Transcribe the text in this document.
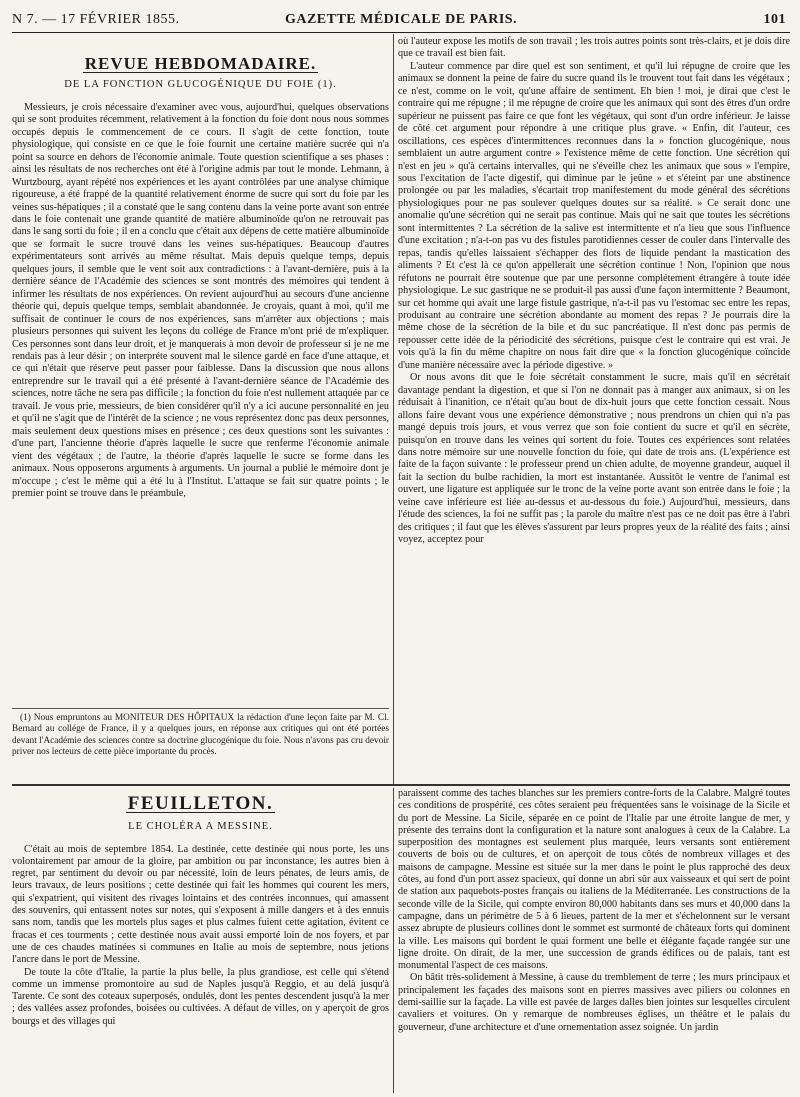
N 7. — 17 FÉVRIER 1855.	GAZETTE MÉDICALE DE PARIS.	101
REVUE HEBDOMADAIRE.
DE LA FONCTION GLUCOGÉNIQUE DU FOIE (1).

Messieurs, je crois nécessaire d'examiner avec vous, aujourd'hui, quelques observations qui se sont produites récemment, relativement à la fonction du foie dont nous nous sommes occupés depuis le commencement de ce cours. Il s'agit de cette fonction, toute physiologique, qui consiste en ce que le foie fournit une certaine matière sucrée qui n'a point sa source en dehors de l'économie animale. Toute question scientifique a ses phases : ainsi les résultats de nos recherches ont été à l'origine admis par tout le monde. Lehmann, à Wurtzbourg, ayant répété nos expériences et les ayant contrôlées par une analyse chimique rigoureuse, a été frappé de la quantité relativement énorme de sucre qui sort du foie par les veines sus-hépatiques ; il a constaté que le sang contenu dans la veine porte avant son entrée dans le foie contenait une grande quantité de matière albuminoïde qu'on ne retrouvait pas dans le sang sorti du foie ; il en a conclu que c'était aux dépens de cette matière albuminoïde que se formait le sucre trouvé dans les veines sus-hépatiques. Beaucoup d'autres expérimentateurs sont arrivés au même résultat. Mais depuis quelque temps, depuis quelques jours, il semble que le vent soit aux contradictions : à l'avant-dernière, puis à la dernière séance de l'Académie des sciences se sont montrés des mémoires qui tendent à infirmer les résultats de nos expériences. On revient aujourd'hui au secours d'une ancienne théorie qui, depuis quelque temps, semblait abandonnée. Je croyais, quant à moi, qu'il me suffisait de continuer le cours de nos expériences, sans m'arrêter aux objections ; mais plusieurs personnes qui suivent les leçons du collége de France m'ont prié de m'expliquer. Ces personnes sont dans leur droit, et je manquerais à mon devoir de professeur si je ne me rendais pas à leur désir ; on interpréte souvent mal le silence gardé en face d'une attaque, et ce qui n'était que réserve peut passer pour faiblesse. Dans la discussion que nous allons entreprendre sur le travail qui a été présenté à l'avant-dernière séance de l'Académie des sciences, notre tâche ne sera pas difficile ; la fonction du foie n'est nullement attaquée par ce travail. Je vous prie, messieurs, de bien considérer qu'il n'y a ici aucune personnalité en jeu et qu'il ne s'agit que de l'intérêt de la science ; ne vous représentez donc pas deux personnes, mais seulement deux questions mises en présence ; ces deux questions sont les suivantes : d'une part, l'ancienne théorie d'après laquelle le sucre que renferme l'économie animale vient des végétaux ; de l'autre, la théorie d'après laquelle le sucre se forme dans les animaux. Nous opposerons arguments à arguments. Un journal a publié le mémoire dont je m'occupe ; c'est le même qui a été lu à l'Institut. L'attaque se fait sur quatre points ; le premier point se trouve dans le préambule,

(1) Nous empruntons au MONITEUR DES HÔPITAUX la rédaction d'une leçon faite par M. Cl. Bernard au collége de France, il y a quelques jours, en réponse aux critiques qui ont été portées devant l'Académie des sciences contre sa doctrine glucogénique du foie. Nous n'avons pas cru devoir priver nos lecteurs de cette pièce importante du procès.

où l'auteur expose les motifs de son travail ; les trois autres points sont très-clairs, et je dois dire que ce travail est bien fait.

L'auteur commence par dire quel est son sentiment, et qu'il lui répugne de croire que les animaux se donnent la peine de faire du sucre quand ils le trouvent tout fait dans les végétaux ; ce n'est, comme on le voit, qu'une affaire de sentiment. Eh bien ! moi, je dirai que c'est le contraire qui me répugne ; il me répugne de croire que les animaux qui sont des êtres d'un ordre supérieur ne puissent pas faire ce que font les végétaux, qui sont d'un ordre inférieur. Je laisse de côté cet argument pour répondre à une critique plus grave. « Enfin, dit l'auteur, ces oscillations, ces espèces d'intermittences reconnues dans la » fonction glucogénique, nous semblaient un autre argument contre » l'existence même de cette fonction. Une sécrétion qui n'est en jeu » qu'à certains intervalles, qui ne s'éveille chez les animaux que sous » l'empire, sous l'excitation de l'acte digestif, qui diminue par le jeûne » et s'éteint par une abstinence prolongée ou par les maladies, s'écartait trop manifestement du mode général des sécrétions physiologiques pour ne pas soulever quelques doutes sur sa réalité. » Ce serait donc une anomalie qu'une sécrétion qui ne serait pas continue. Mais qui ne sait que toutes les sécrétions sont intermittentes ? La sécrétion de la salive est intermittente et n'a lieu que sous l'influence d'une excitation ; n'a-t-on pas vu des fistules parotidiennes cesser de couler dans l'intervalle des repas, tandis qu'elles laissaient s'échapper des flots de liquide pendant la mastication des aliments ? Et c'est là ce qu'on appellerait une sécrétion continue ! Non, l'opinion que nous réfutons ne pourrait être soutenue que par une personne complétement étrangère à toute idée physiologique. Le suc gastrique ne se produit-il pas aussi d'une façon intermittente ? Beaumont, sur cet homme qui avait une large fistule gastrique, n'a-t-il pas vu l'estomac sec entre les repas, produisant au contraire une sécrétion abondante au moment des repas ? Je pourrais dire la même chose de la sécrétion de la bile et du suc pancréatique. Il n'est donc pas permis de repousser cette idée de la périodicité des sécrétions, puisque c'est le contraire qui est vrai. Je vois qu'à la fin du même chapitre on nous fait dire que « la fonction glucogénique coïncide d'une manière nécessaire avec la période digestive. »

Or nous avons dit que le foie sécrétait constamment le sucre, mais qu'il en sécrétait davantage pendant la digestion, et que si l'on ne donnait pas à manger aux animaux, si on les réduisait à l'inanition, ce n'était qu'au bout de dix-huit jours que cette fonction cessait. Nous allons faire devant vous une expérience démonstrative ; nous prendrons un chien qui n'a pas mangé depuis trois jours, et vous verrez que son foie contient du sucre et qu'il en sécrète, puisqu'on en trouve dans les veines qui sortent du foie. Toutes ces expériences sont relatées dans notre mémoire sur une nouvelle fonction du foie, qui date de trois ans. (L'expérience est faite de la façon suivante : le professeur prend un chien adulte, de moyenne grandeur, auquel il fait la section du bulbe rachidien, la mort est instantanée. Aussitôt le ventre de l'animal est ouvert, une ligature est appliquée sur le tronc de la veine porte avant son entrée dans le foie ; la veine cave inférieure est liée au-dessus et au-dessous du foie.) Aujourd'hui, messieurs, dans l'étude des sciences, la foi ne suffit pas ; la parole du maître n'est pas ce ne doit pas être à l'abri des critiques ; il faut que les élèves s'assurent par leurs propres yeux de la réalité des faits ; ainsi voyez, acceptez pour

FEUILLETON.
LE CHOLÉRA A MESSINE.

C'était au mois de septembre 1854. La destinée, cette destinée qui nous porte, les uns volontairement par amour de la gloire, par ambition ou par inconstance, les autres bien à regret, par sentiment du devoir ou par nécessité, loin de leurs pénates, de leurs amis, de leurs travaux, de leurs positions ; cette destinée qui fait les hommes qui courent les mers, qui s'expatrient, qui visitent des rivages lointains et des contrées inconnues, qui amassent des souvenirs, qui entassent notes sur notes, qui s'exposent à mille dangers et à des ennuis sans nom, tandis que les mortels plus sages et plus calmes fuient cette agitation, évitent ce fracas et ces tourments ; cette destinée nous avait aussi emporté loin de nos foyers, et par une de ces chaudes matinées si communes en Italie au mois de septembre, nous jetions l'ancre dans le port de Messine.

De toute la côte d'Italie, la partie la plus belle, la plus grandiose, est celle qui s'étend comme un immense promontoire au sud de Naples jusqu'à Reggio, et au delà jusqu'à Tarente. Ce sont des coteaux superposés, ondulés, dont les pentes descendent jusqu'à la mer ; des vallées assez profondes, boisées ou cultivées. A défaut de villes, on y aperçoit de gros bourgs et des villages qui

paraissent comme des taches blanches sur les premiers contre-forts de la Calabre. Malgré toutes ces conditions de prospérité, ces côtes seraient peu fréquentées sans le voisinage de la Sicile et du port de Messine. La Sicile, séparée en ce point de l'Italie par une étroite langue de mer, y présente des terrains dont la configuration et la nature sont analogues à ceux de la Calabre. La superposition des montagnes est seulement plus marquée, leurs versants sont entièrement couverts de bois ou de cultures, et on aperçoit de tous côtés de nombreux villages et des maisons de campagne. Messine est située sur la mer dans le point le plus rapproché des deux côtes, au fond d'un port assez spacieux, qui donne un abri sûr aux vaisseaux et qui sert de point de station aux paquebots-postes français ou italiens de la Méditerranée. Les constructions de la seconde ville de la Sicile, qui compte environ 80,000 habitants dans ses murs et 40,000 dans la campagne, dans un périmètre de 5 à 6 lieues, partent de la mer et s'échelonnent sur le versant assez abrupte de plusieurs collines dont le sommet est surmonté de châteaux forts qui dominent la ville. Les maisons qui bordent le quai forment une belle et élégante façade rangée sur une ligne droite. On dirait, de la mer, une succession de grands édifices ou de palais, tant est monumental l'aspect de ces maisons.

On bâtit très-solidement à Messine, à cause du tremblement de terre ; les murs principaux et principalement les façades des maisons sont en pierres massives avec piliers ou colonnes en demi-saillie sur la façade. La ville est pavée de larges dalles bien jointes sur lesquelles circulent cavaliers et voitures. On y remarque de nombreuses églises, un théâtre et le palais du gouverneur, d'une architecture et d'une ornementation assez soignée. Un jardin
